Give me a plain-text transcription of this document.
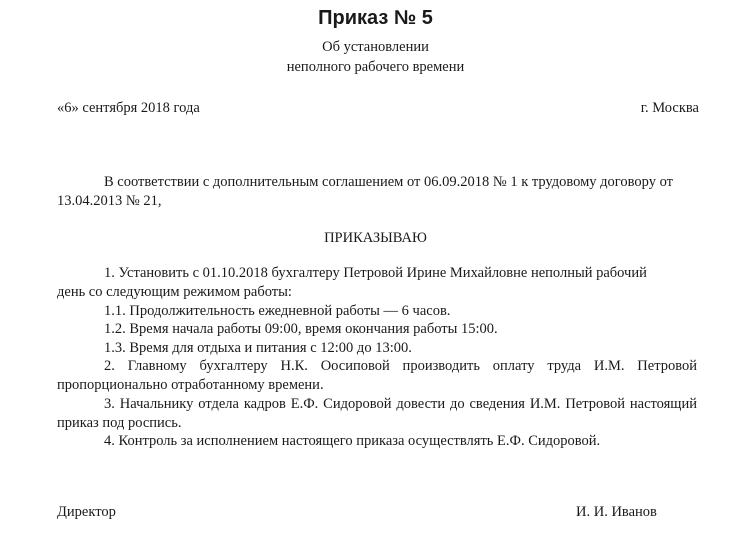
Приказ № 5
Об установлении
неполного рабочего времени
«6» сентября 2018 года	г. Москва

В соответствии с дополнительным соглашением от 06.09.2018 № 1 к трудовому договору от 13.04.2013 № 21,

ПРИКАЗЫВАЮ

1. Установить с 01.10.2018 бухгалтеру Петровой Ирине Михайловне неполный рабочий день со следующим режимом работы:

1.1. Продолжительность ежедневной работы — 6 часов.
1.2. Время начала работы 09:00, время окончания работы 15:00.
1.3. Время для отдыха и питания с 12:00 до 13:00.

2. Главному бухгалтеру Н.К. Оосиповой производить оплату труда И.М. Петровой пропорционально отработанному времени.

3. Начальнику отдела кадров Е.Ф. Сидоровой довести до сведения И.М. Петровой настоящий приказ под роспись.

4. Контроль за исполнением настоящего приказа осуществлять Е.Ф. Сидоровой.

Директор	И. И. Иванов
